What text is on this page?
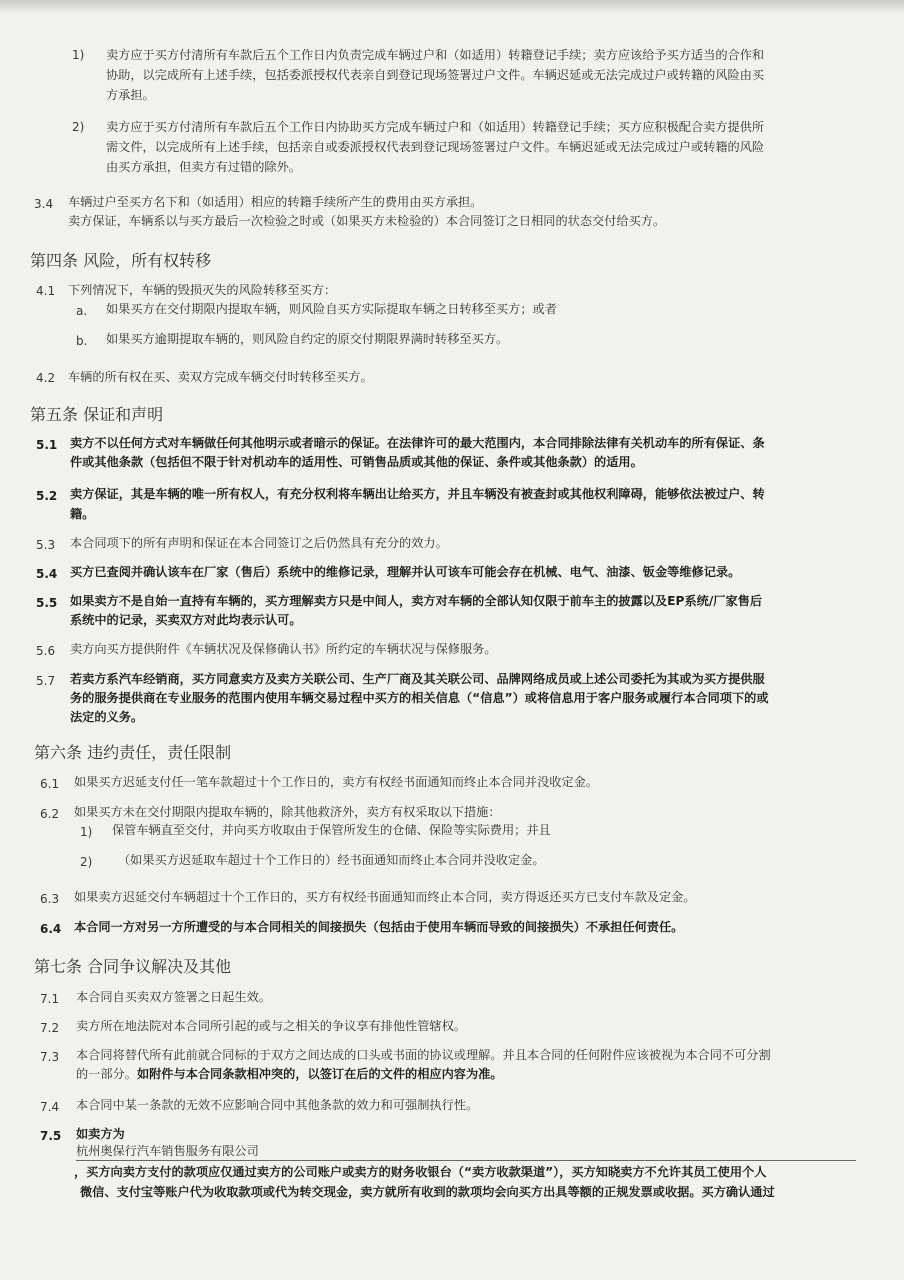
1) 卖方应于买方付清所有车款后五个工作日内负责完成车辆过户和（如适用）转籍登记手续；卖方应该给予买方适当的合作和
协助，以完成所有上述手续，包括委派授权代表亲自到登记现场签署过户文件。车辆迟延或无法完成过户或转籍的风险由买
方承担。
2) 卖方应于买方付清所有车款后五个工作日内协助买方完成车辆过户和（如适用）转籍登记手续；买方应积极配合卖方提供所
需文件，以完成所有上述手续，包括亲自或委派授权代表到登记现场签署过户文件。车辆迟延或无法完成过户或转籍的风险
由买方承担，但卖方有过错的除外。
3.4 车辆过户至买方名下和（如适用）相应的转籍手续所产生的费用由买方承担。
卖方保证，车辆系以与买方最后一次检验之时或（如果买方未检验的）本合同签订之日相同的状态交付给买方。
第四条 风险，所有权转移
4.1 下列情况下，车辆的毁损灭失的风险转移至买方：
a. 如果买方在交付期限内提取车辆，则风险自买方实际提取车辆之日转移至买方；或者
b. 如果买方逾期提取车辆的，则风险自约定的原交付期限界满时转移至买方。
4.2 车辆的所有权在买、卖双方完成车辆交付时转移至买方。
第五条 保证和声明
5.1 卖方不以任何方式对车辆做任何其他明示或者暗示的保证。在法律许可的最大范围内，本合同排除法律有关机动车的所有保证、条
件或其他条款（包括但不限于针对机动车的适用性、可销售品质或其他的保证、条件或其他条款）的适用。
5.2 卖方保证，其是车辆的唯一所有权人，有充分权利将车辆出让给买方，并且车辆没有被查封或其他权利障碍，能够依法被过户、转
籍。
5.3 本合同项下的所有声明和保证在本合同签订之后仍然具有充分的效力。
5.4 买方已查阅并确认该车在厂家（售后）系统中的维修记录，理解并认可该车可能会存在机械、电气、油漆、钣金等维修记录。
5.5 如果卖方不是自始一直持有车辆的，买方理解卖方只是中间人，卖方对车辆的全部认知仅限于前车主的披露以及EP系统/厂家售后
系统中的记录，买卖双方对此均表示认可。
5.6 卖方向买方提供附件《车辆状况及保修确认书》所约定的车辆状况与保修服务。
5.7 若卖方系汽车经销商，买方同意卖方及卖方关联公司、生产厂商及其关联公司、品牌网络成员或上述公司委托为其或为买方提供服
务的服务提供商在专业服务的范围内使用车辆交易过程中买方的相关信息（“信息”）或将信息用于客户服务或履行本合同项下的或
法定的义务。
第六条 违约责任，责任限制
6.1 如果买方迟延支付任一笔车款超过十个工作日的，卖方有权经书面通知而终止本合同并没收定金。
6.2 如果买方未在交付期限内提取车辆的，除其他救济外，卖方有权采取以下措施：
1) 保管车辆直至交付，并向买方收取由于保管所发生的仓储、保险等实际费用；并且
2) （如果买方迟延取车超过十个工作日的）经书面通知而终止本合同并没收定金。
6.3 如果卖方迟延交付车辆超过十个工作日的，买方有权经书面通知而终止本合同，卖方得返还买方已支付车款及定金。
6.4 本合同一方对另一方所遭受的与本合同相关的间接损失（包括由于使用车辆而导致的间接损失）不承担任何责任。
第七条 合同争议解决及其他
7.1 本合同自买卖双方签署之日起生效。
7.2 卖方所在地法院对本合同所引起的或与之相关的争议享有排他性管辖权。
7.3 本合同将替代所有此前就合同标的于双方之间达成的口头或书面的协议或理解。并且本合同的任何附件应该被视为本合同不可分割
的一部分。如附件与本合同条款相冲突的，以签订在后的文件的相应内容为准。
7.4 本合同中某一条款的无效不应影响合同中其他条款的效力和可强制执行性。
7.5 如卖方为
杭州奥保行汽车销售服务有限公司
，买方向卖方支付的款项应仅通过卖方的公司账户或卖方的财务收银台（“卖方收款渠道”），买方知晓卖方不允许其员工使用个人
微信、支付宝等账户代为收取款项或代为转交现金，卖方就所有收到的款项均会向买方出具等额的正规发票或收据。买方确认通过
